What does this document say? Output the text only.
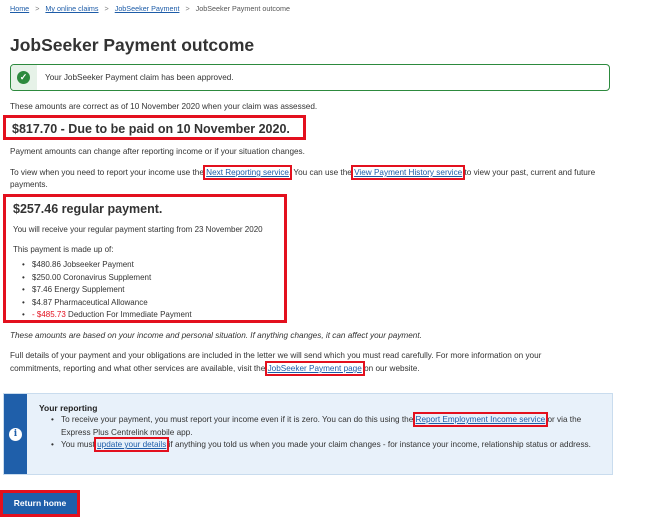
Home > My online claims > JobSeeker Payment > JobSeeker Payment outcome
JobSeeker Payment outcome
✓	Your JobSeeker Payment claim has been approved.

These amounts are correct as of 10 November 2020 when your claim was assessed.

$817.70 - Due to be paid on 10 November 2020.

Payment amounts can change after reporting income or if your situation changes.

To view when you need to report your income use the Next Reporting service. You can use the View Payment History service to view your past, current and future

payments.

$257.46 regular payment.
You will receive your regular payment starting from 23 November 2020
This payment is made up of:
• $480.86 Jobseeker Payment
• $250.00 Coronavirus Supplement
• $7.46 Energy Supplement
• $4.87 Pharmaceutical Allowance
• - $485.73 Deduction For Immediate Payment

These amounts are based on your income and personal situation. If anything changes, it can affect your payment.

Full details of your payment and your obligations are included in the letter we will send which you must read carefully. For more information on your

commitments, reporting and what other services are available, visit the JobSeeker Payment page on our website.

i
Your reporting
• To receive your payment, you must report your income even if it is zero. You can do this using the Report Employment Income service or via the Express Plus Centrelink mobile app.
• You must update your details if anything you told us when you made your claim changes - for instance your income, relationship status or address.
Return home
